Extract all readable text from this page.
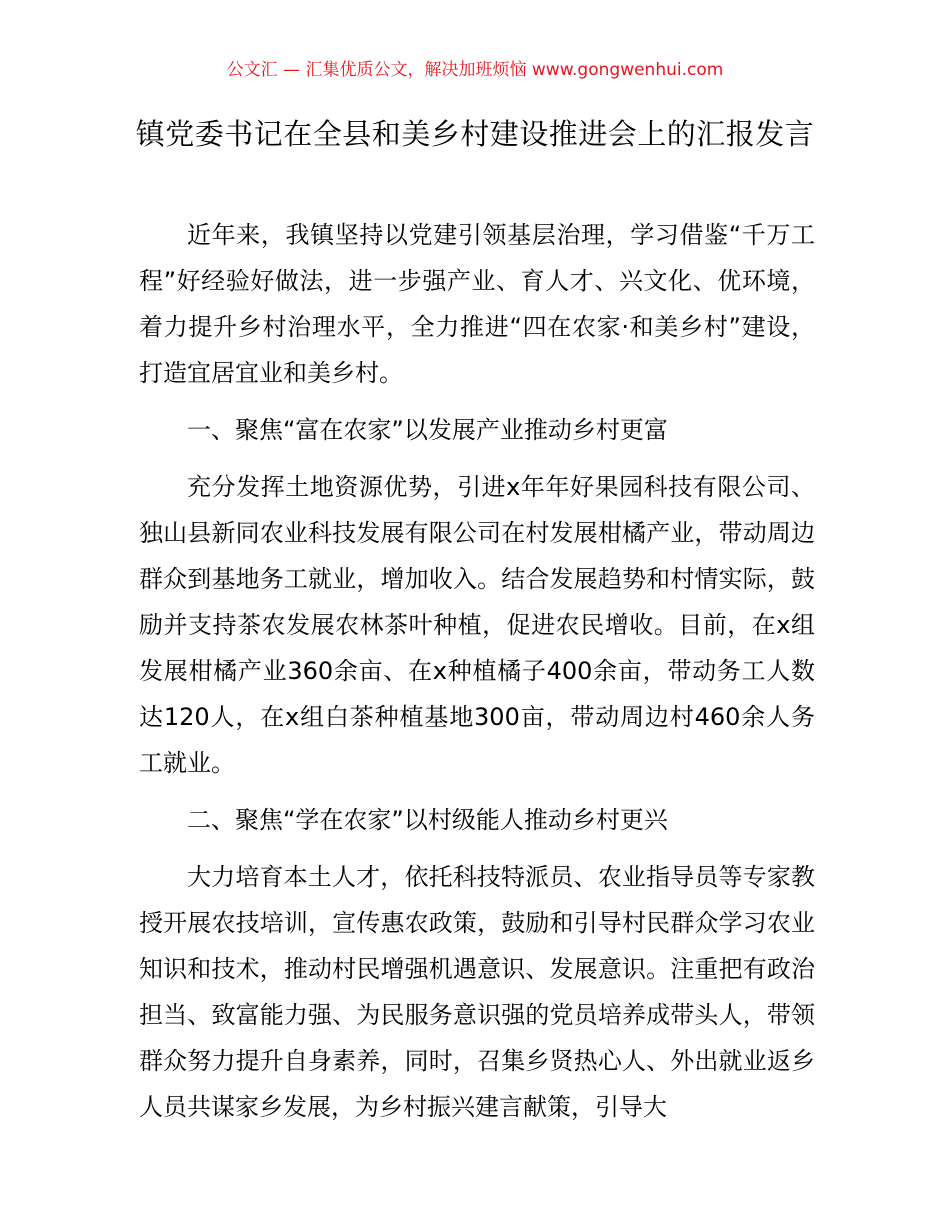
公文汇 — 汇集优质公文，解决加班烦恼 www.gongwenhui.com
镇党委书记在全县和美乡村建设推进会上的汇报发言

近年来，我镇坚持以党建引领基层治理，学习借鉴“千万工程”好经验好做法，进一步强产业、育人才、兴文化、优环境，着力提升乡村治理水平，全力推进“四在农家·和美乡村”建设，打造宜居宜业和美乡村。

一、聚焦“富在农家”以发展产业推动乡村更富

充分发挥土地资源优势，引进x年年好果园科技有限公司、独山县新同农业科技发展有限公司在村发展柑橘产业，带动周边群众到基地务工就业，增加收入。结合发展趋势和村情实际，鼓励并支持茶农发展农林茶叶种植，促进农民增收。目前，在x组发展柑橘产业360余亩、在x种植橘子400余亩，带动务工人数达120人，在x组白茶种植基地300亩，带动周边村460余人务工就业。

二、聚焦“学在农家”以村级能人推动乡村更兴

大力培育本土人才，依托科技特派员、农业指导员等专家教授开展农技培训，宣传惠农政策，鼓励和引导村民群众学习农业知识和技术，推动村民增强机遇意识、发展意识。注重把有政治担当、致富能力强、为民服务意识强的党员培养成带头人，带领群众努力提升自身素养，同时，召集乡贤热心人、外出就业返乡人员共谋家乡发展，为乡村振兴建言献策，引导大
